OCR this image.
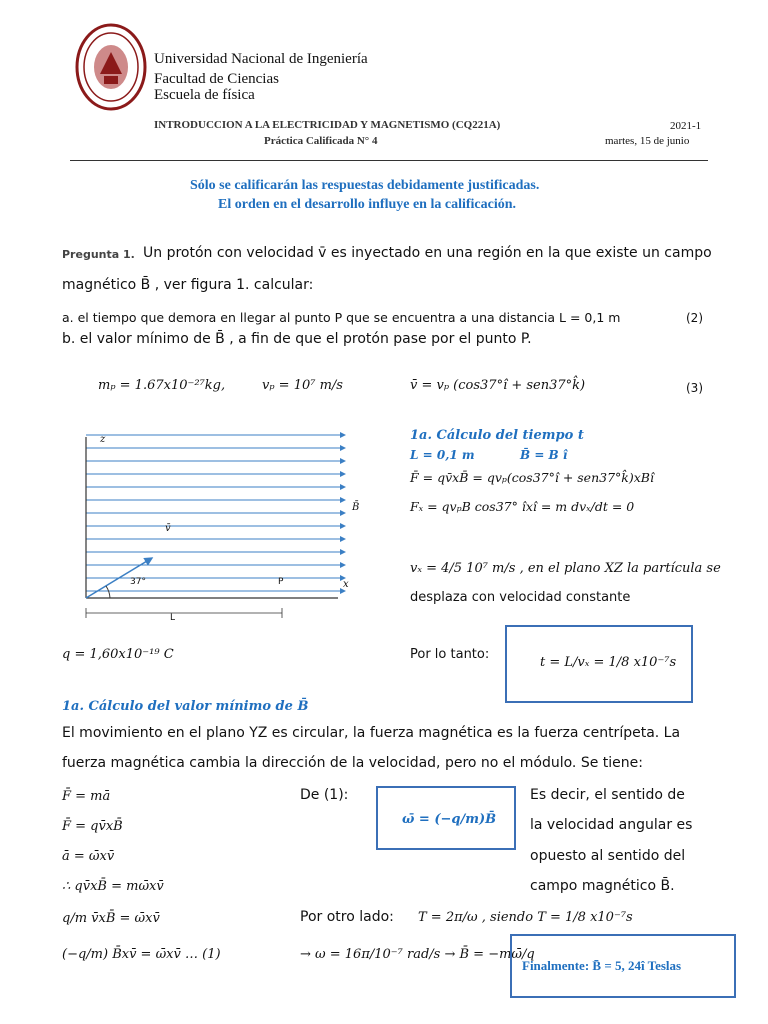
Universidad Nacional de Ingeniería
Facultad de Ciencias
Escuela de física
INTRODUCCION A LA ELECTRICIDAD Y MAGNETISMO (CQ221A)
Práctica Calificada N° 4
2021-1
martes, 15 de junio
Sólo se calificarán las respuestas debidamente justificadas.
El orden en el desarrollo influye en la calificación.
Pregunta 1. Un protón con velocidad v̄ es inyectado en una región en la que existe un campo
magnético B̄ , ver figura 1. calcular:
a. el tiempo que demora en llegar al punto P que se encuentra a una distancia L = 0,1 m	(2)
b. el valor mínimo de B̄ , a fin de que el protón pase por el punto P.
mₚ = 1.67x10⁻²⁷kg,	vₚ = 10⁷ m/s	v̄ = vₚ (cos37°î + sen37°k̂)	(3)
z
x
B̄
v̄
37°	P
L
1a. Cálculo del tiempo t
L = 0,1 m	B̄ = B î
F̄ = qv̄xB̄ = qvₚ(cos37°î + sen37°k̂)xBî
Fₓ = qvₚB cos37° îxî = m dvₓ/dt = 0
vₓ = 4/5 10⁷ m/s , en el plano XZ la partícula se
desplaza con velocidad constante
q = 1,60x10⁻¹⁹ C	Por lo tanto:
t = L/vₓ = 1/8 x10⁻⁷s
1a. Cálculo del valor mínimo de B̄
El movimiento en el plano YZ es circular, la fuerza magnética es la fuerza centrípeta. La
fuerza magnética cambia la dirección de la velocidad, pero no el módulo. Se tiene:
F̄ = mā
F̄ = qv̄xB̄
ā = ω̄xv̄
∴ qv̄xB̄ = mω̄xv̄
q/m v̄xB̄ = ω̄xv̄
(−q/m) B̄xv̄ = ω̄xv̄ … (1)
De (1):
ω̄ = (−q/m)B̄
Es decir, el sentido de
la velocidad angular es
opuesto al sentido del
campo magnético B̄.
Por otro lado: T = 2π/ω , siendo T = 1/8 x10⁻⁷s
→ ω = 16π/10⁻⁷ rad/s → B̄ = −mω̄/q
Finalmente: B̄ = 5, 24î Teslas
